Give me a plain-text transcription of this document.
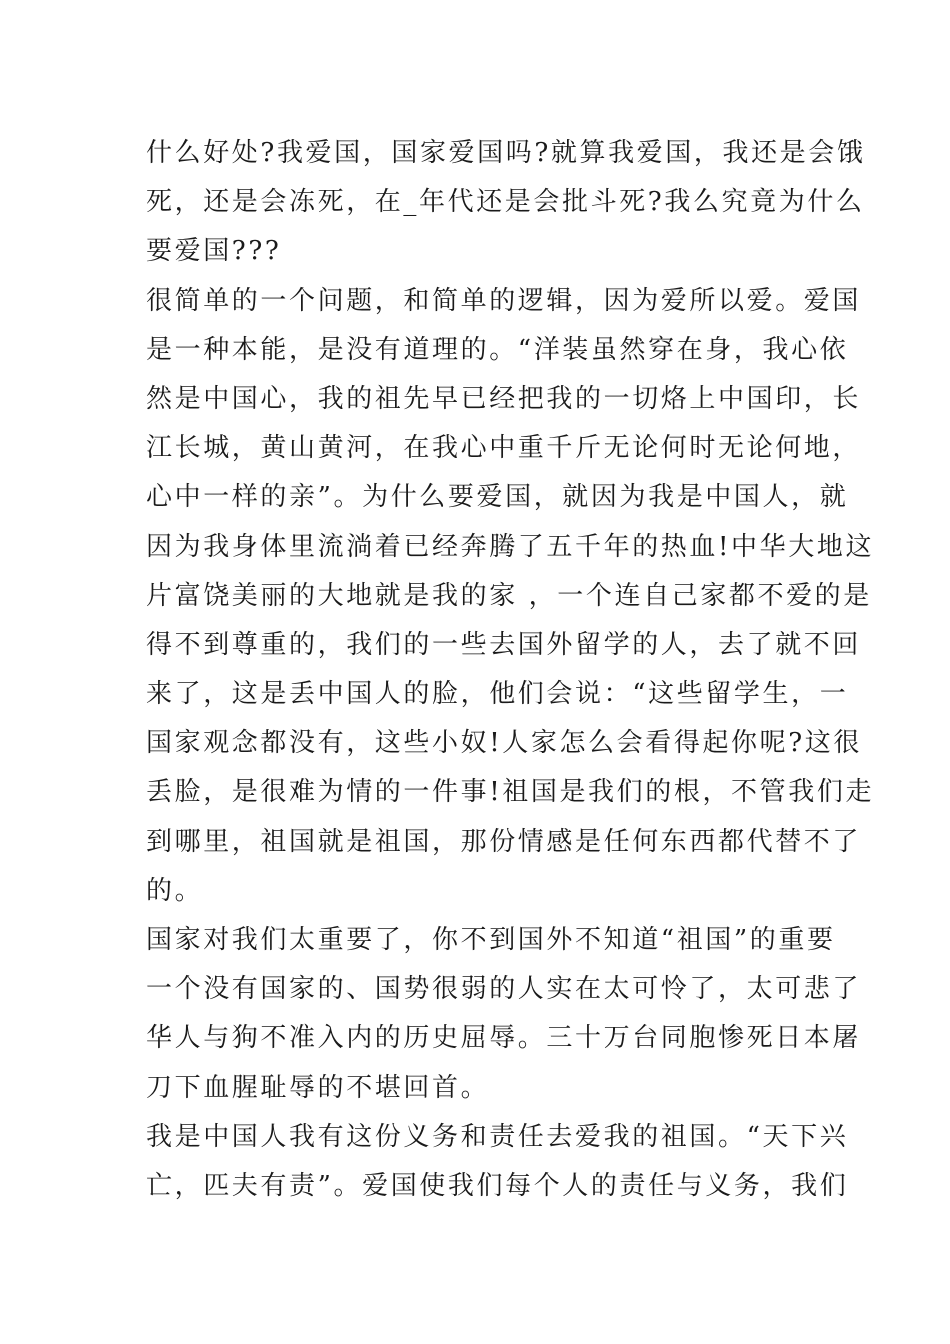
什么好处?我爱国，国家爱国吗?就算我爱国，我还是会饿
死，还是会冻死，在_年代还是会批斗死?我么究竟为什么
要爱国???
很简单的一个问题，和简单的逻辑，因为爱所以爱。爱国
是一种本能，是没有道理的。“洋装虽然穿在身，我心依
然是中国心，我的祖先早已经把我的一切烙上中国印，长
江长城，黄山黄河，在我心中重千斤无论何时无论何地，
心中一样的亲”。为什么要爱国，就因为我是中国人，就
因为我身体里流淌着已经奔腾了五千年的热血!中华大地这
片富饶美丽的大地就是我的家 ，一个连自己家都不爱的是
得不到尊重的，我们的一些去国外留学的人，去了就不回
来了，这是丢中国人的脸，他们会说：“这些留学生，一
国家观念都没有，这些小奴!人家怎么会看得起你呢?这很
丢脸，是很难为情的一件事!祖国是我们的根，不管我们走
到哪里，祖国就是祖国，那份情感是任何东西都代替不了
的。
国家对我们太重要了，你不到国外不知道“祖国”的重要
一个没有国家的、国势很弱的人实在太可怜了，太可悲了
华人与狗不准入内的历史屈辱。三十万台同胞惨死日本屠
刀下血腥耻辱的不堪回首。
我是中国人我有这份义务和责任去爱我的祖国。“天下兴
亡，匹夫有责”。爱国使我们每个人的责任与义务，我们
